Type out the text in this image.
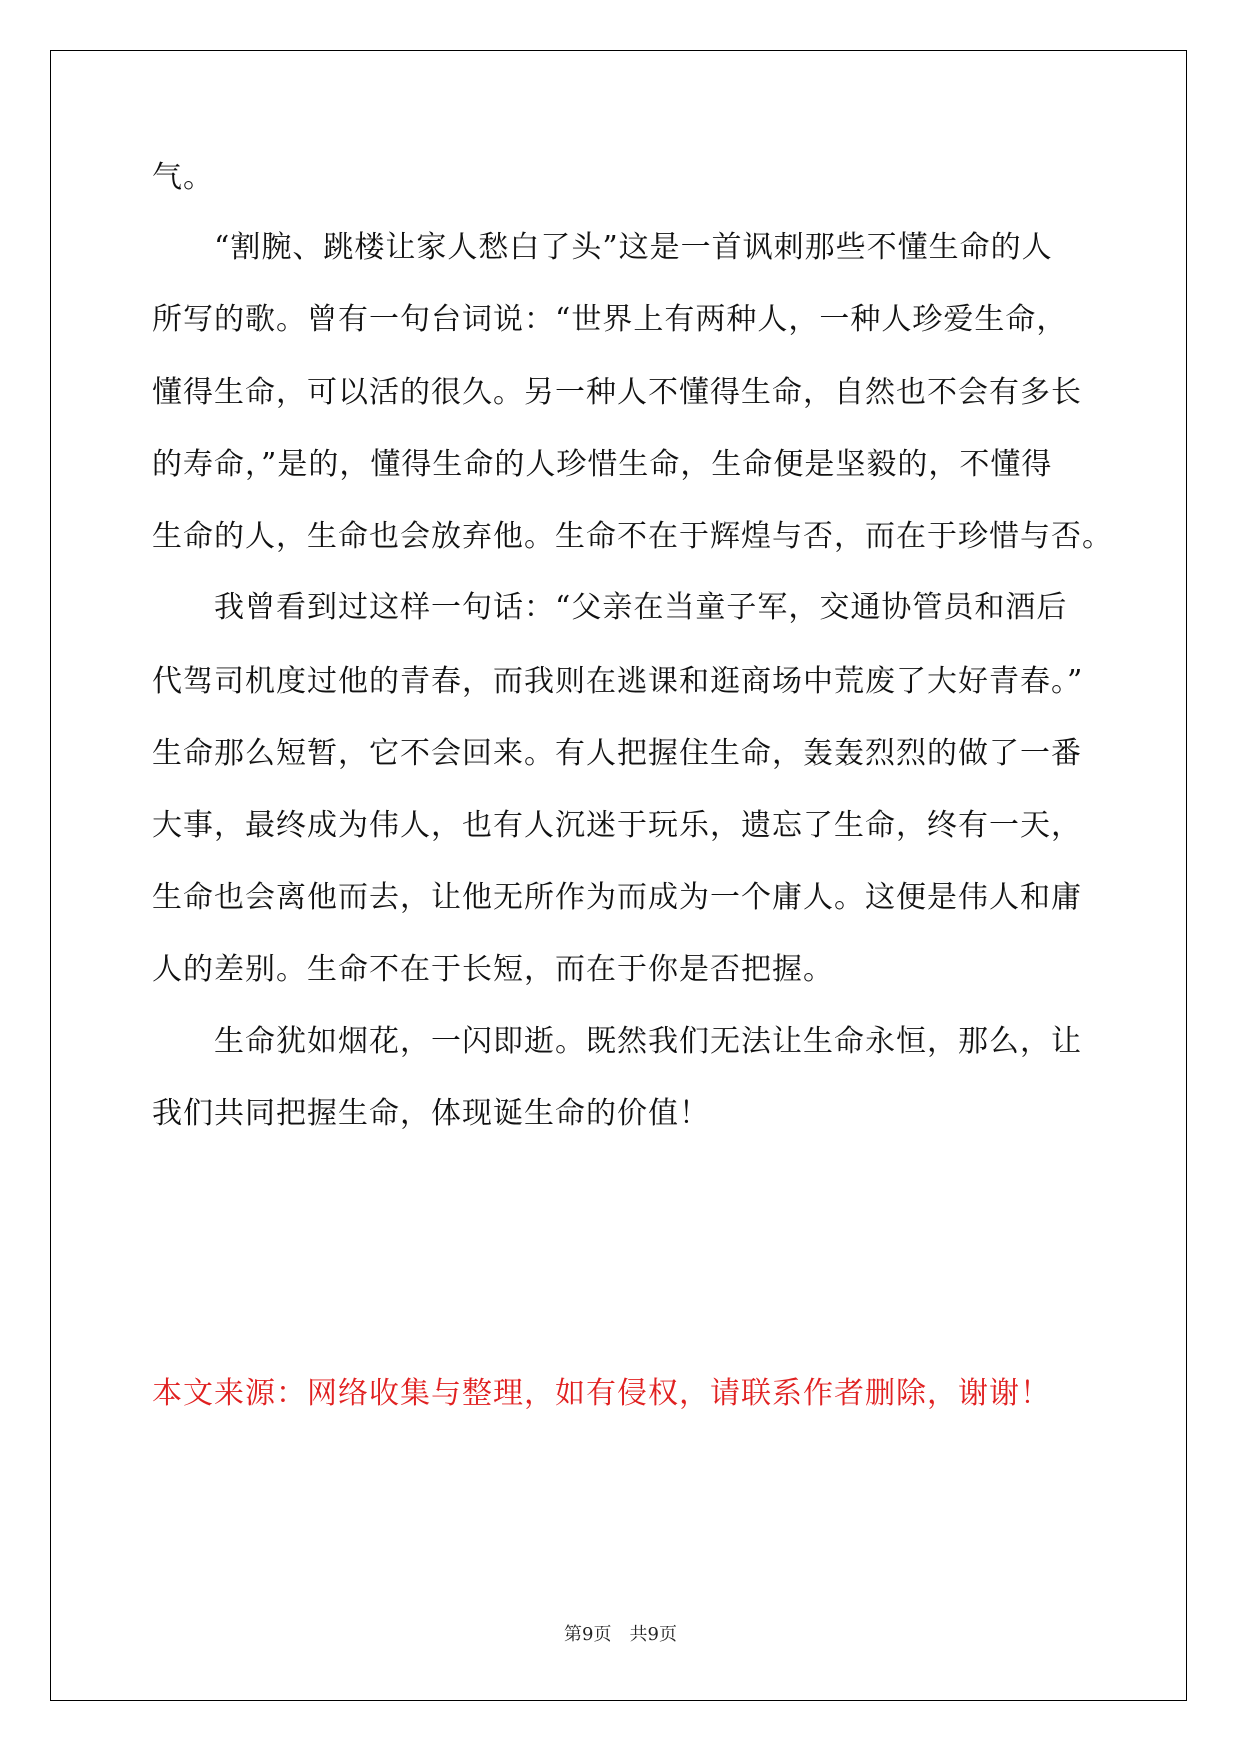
气。
“割腕、跳楼让家人愁白了头”这是一首讽刺那些不懂生命的人
所写的歌。曾有一句台词说：“世界上有两种人，一种人珍爱生命，
懂得生命，可以活的很久。另一种人不懂得生命，自然也不会有多长
的寿命，”是的，懂得生命的人珍惜生命，生命便是坚毅的，不懂得
生命的人，生命也会放弃他。生命不在于辉煌与否，而在于珍惜与否。
我曾看到过这样一句话：“父亲在当童子军，交通协管员和酒后
代驾司机度过他的青春，而我则在逃课和逛商场中荒废了大好青春。”
生命那么短暂，它不会回来。有人把握住生命，轰轰烈烈的做了一番
大事，最终成为伟人，也有人沉迷于玩乐，遗忘了生命，终有一天，
生命也会离他而去，让他无所作为而成为一个庸人。这便是伟人和庸
人的差别。生命不在于长短，而在于你是否把握。
生命犹如烟花，一闪即逝。既然我们无法让生命永恒，那么，让
我们共同把握生命，体现诞生命的价值！
本文来源：网络收集与整理，如有侵权，请联系作者删除，谢谢！
第9页　共9页
